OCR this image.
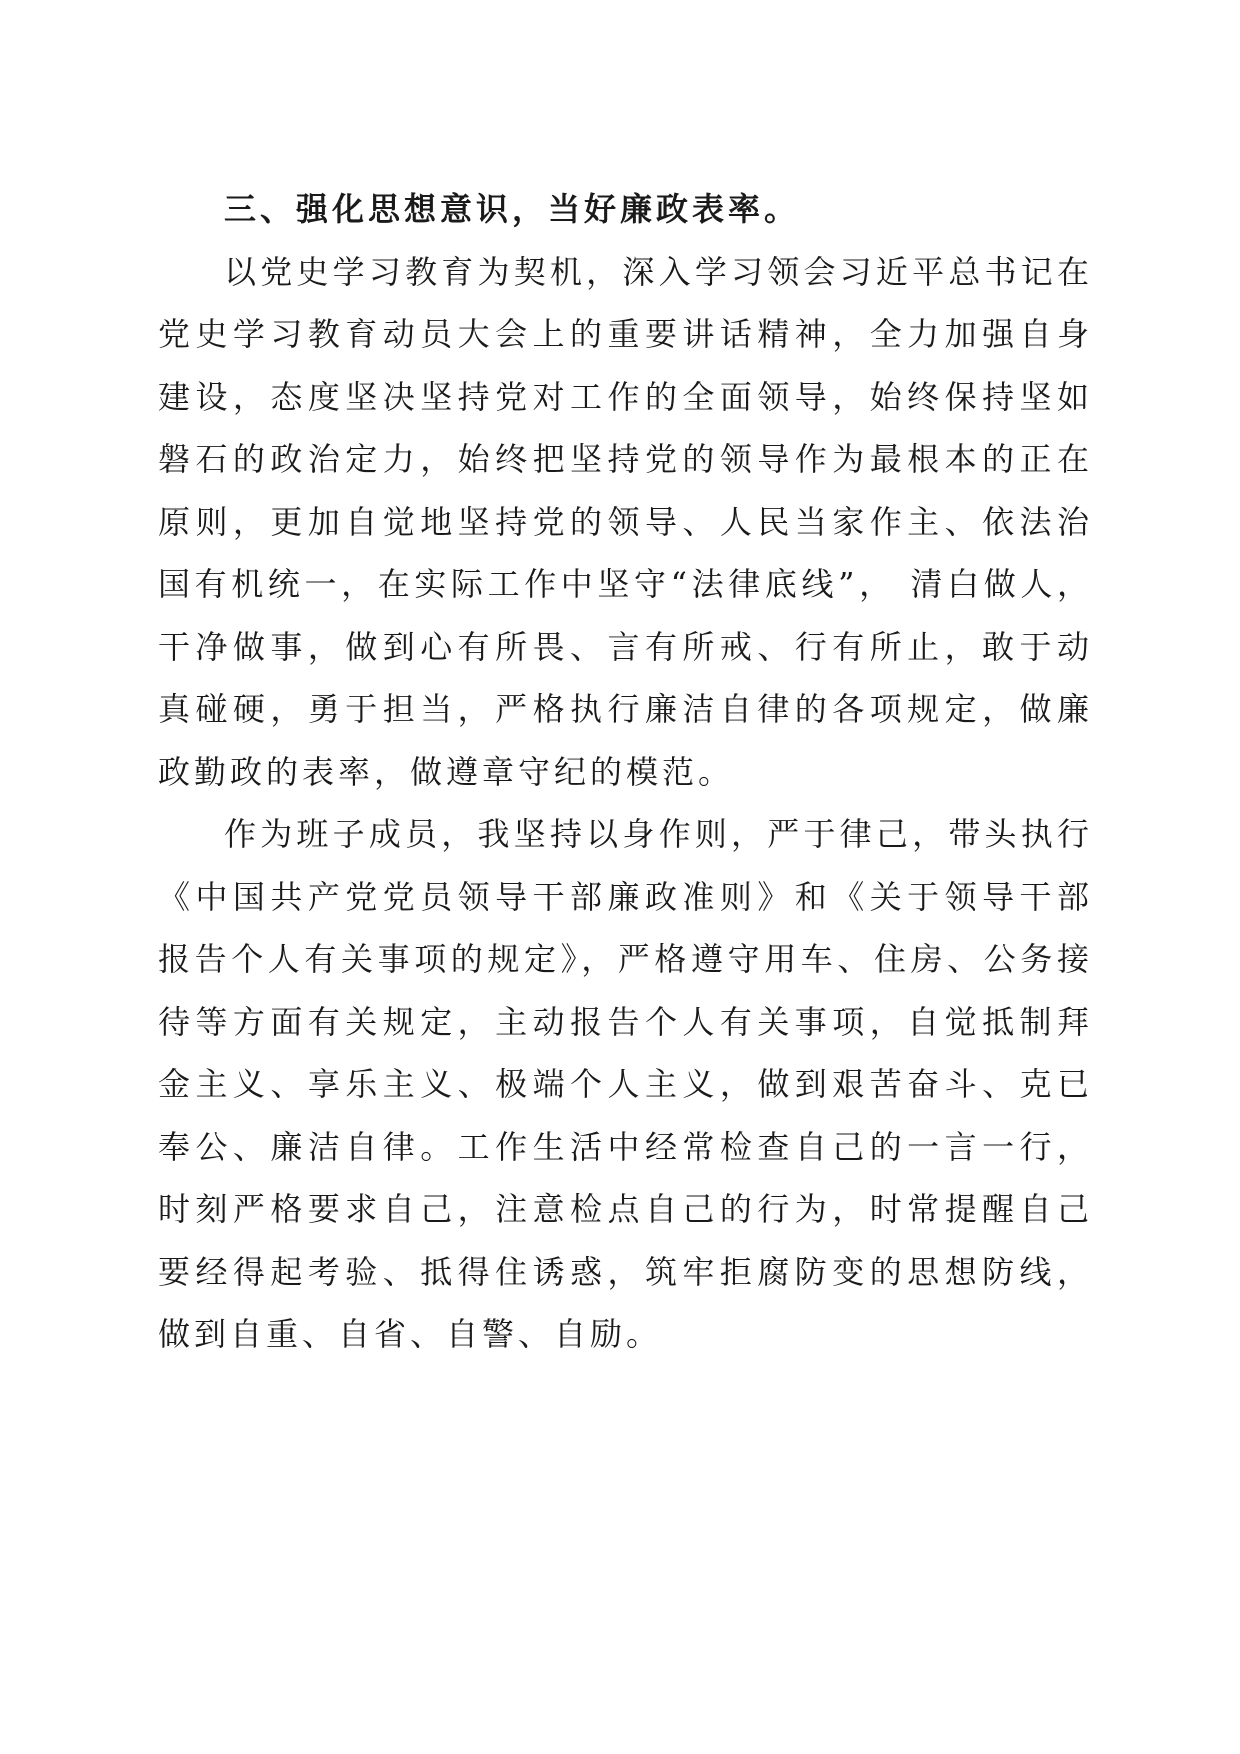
三、强化思想意识，当好廉政表率。

以党史学习教育为契机，深入学习领会习近平总书记在党史学习教育动员大会上的重要讲话精神，全力加强自身建设，态度坚决坚持党对工作的全面领导，始终保持坚如磐石的政治定力，始终把坚持党的领导作为最根本的正在原则，更加自觉地坚持党的领导、人民当家作主、依法治国有机统一，在实际工作中坚守“法律底线”， 清白做人，干净做事，做到心有所畏、言有所戒、行有所止，敢于动真碰硬，勇于担当，严格执行廉洁自律的各项规定，做廉政勤政的表率，做遵章守纪的模范。

作为班子成员，我坚持以身作则，严于律己，带头执行《中国共产党党员领导干部廉政准则》和《关于领导干部报告个人有关事项的规定》，严格遵守用车、住房、公务接待等方面有关规定，主动报告个人有关事项，自觉抵制拜金主义、享乐主义、极端个人主义，做到艰苦奋斗、克已奉公、廉洁自律。工作生活中经常检查自己的一言一行，时刻严格要求自己，注意检点自己的行为，时常提醒自己要经得起考验、抵得住诱惑，筑牢拒腐防变的思想防线，做到自重、自省、自警、自励。
